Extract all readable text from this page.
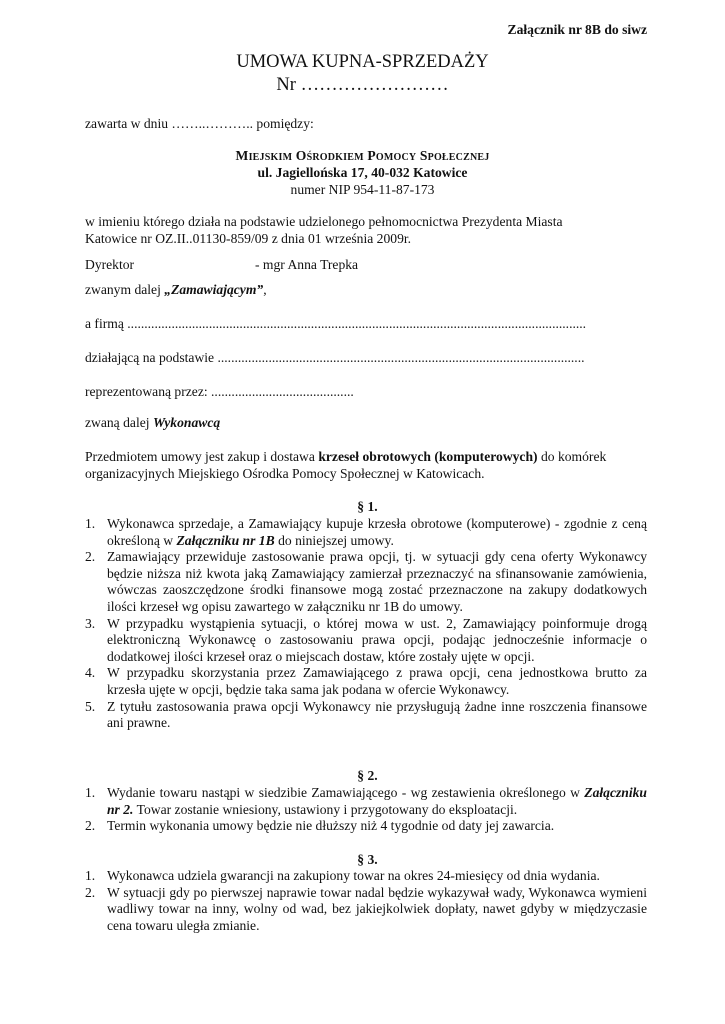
Załącznik nr 8B do siwz
UMOWA KUPNA-SPRZEDAŻY
Nr ……………………
zawarta w dniu ……..……….. pomiędzy:
Miejskim Ośrodkiem Pomocy Społecznej
ul. Jagiellońska 17, 40-032 Katowice
numer NIP 954-11-87-173
w imieniu którego działa na podstawie udzielonego pełnomocnictwa Prezydenta Miasta
Katowice nr OZ.II..01130-859/09 z dnia 01 września 2009r.
Dyrektor	- mgr Anna Trepka
zwanym dalej „Zamawiającym”,
a firmą .......................................................................................................................................
działającą na podstawie ............................................................................................................
reprezentowaną przez: ..........................................
zwaną dalej Wykonawcą
Przedmiotem umowy jest zakup i dostawa krzeseł obrotowych (komputerowych) do komórek
organizacyjnych Miejskiego Ośrodka Pomocy Społecznej w Katowicach.
§ 1.
1. Wykonawca sprzedaje, a Zamawiający kupuje krzesła obrotowe (komputerowe) - zgodnie z ceną określoną w Załączniku nr 1B do niniejszej umowy.
2. Zamawiający przewiduje zastosowanie prawa opcji, tj. w sytuacji gdy cena oferty Wykonawcy będzie niższa niż kwota jaką Zamawiający zamierzał przeznaczyć na sfinansowanie zamówienia, wówczas zaoszczędzone środki finansowe mogą zostać przeznaczone na zakupy dodatkowych ilości krzeseł wg opisu zawartego w załączniku nr 1B do umowy.
3. W przypadku wystąpienia sytuacji, o której mowa w ust. 2, Zamawiający poinformuje drogą elektroniczną Wykonawcę o zastosowaniu prawa opcji, podając jednocześnie informacje o dodatkowej ilości krzeseł oraz o miejscach dostaw, które zostały ujęte w opcji.
4. W przypadku skorzystania przez Zamawiającego z prawa opcji, cena jednostkowa brutto za krzesła ujęte w opcji, będzie taka sama jak podana w ofercie Wykonawcy.
5. Z tytułu zastosowania prawa opcji Wykonawcy nie przysługują żadne inne roszczenia finansowe ani prawne.
§ 2.
1. Wydanie towaru nastąpi w siedzibie Zamawiającego - wg zestawienia określonego w Załączniku nr 2. Towar zostanie wniesiony, ustawiony i przygotowany do eksploatacji.
2. Termin wykonania umowy będzie nie dłuższy niż 4 tygodnie od daty jej zawarcia.
§ 3.
1. Wykonawca udziela gwarancji na zakupiony towar na okres 24-miesięcy od dnia wydania.
2. W sytuacji gdy po pierwszej naprawie towar nadal będzie wykazywał wady, Wykonawca wymieni wadliwy towar na inny, wolny od wad, bez jakiejkolwiek dopłaty, nawet gdyby w międzyczasie cena towaru uległa zmianie.
